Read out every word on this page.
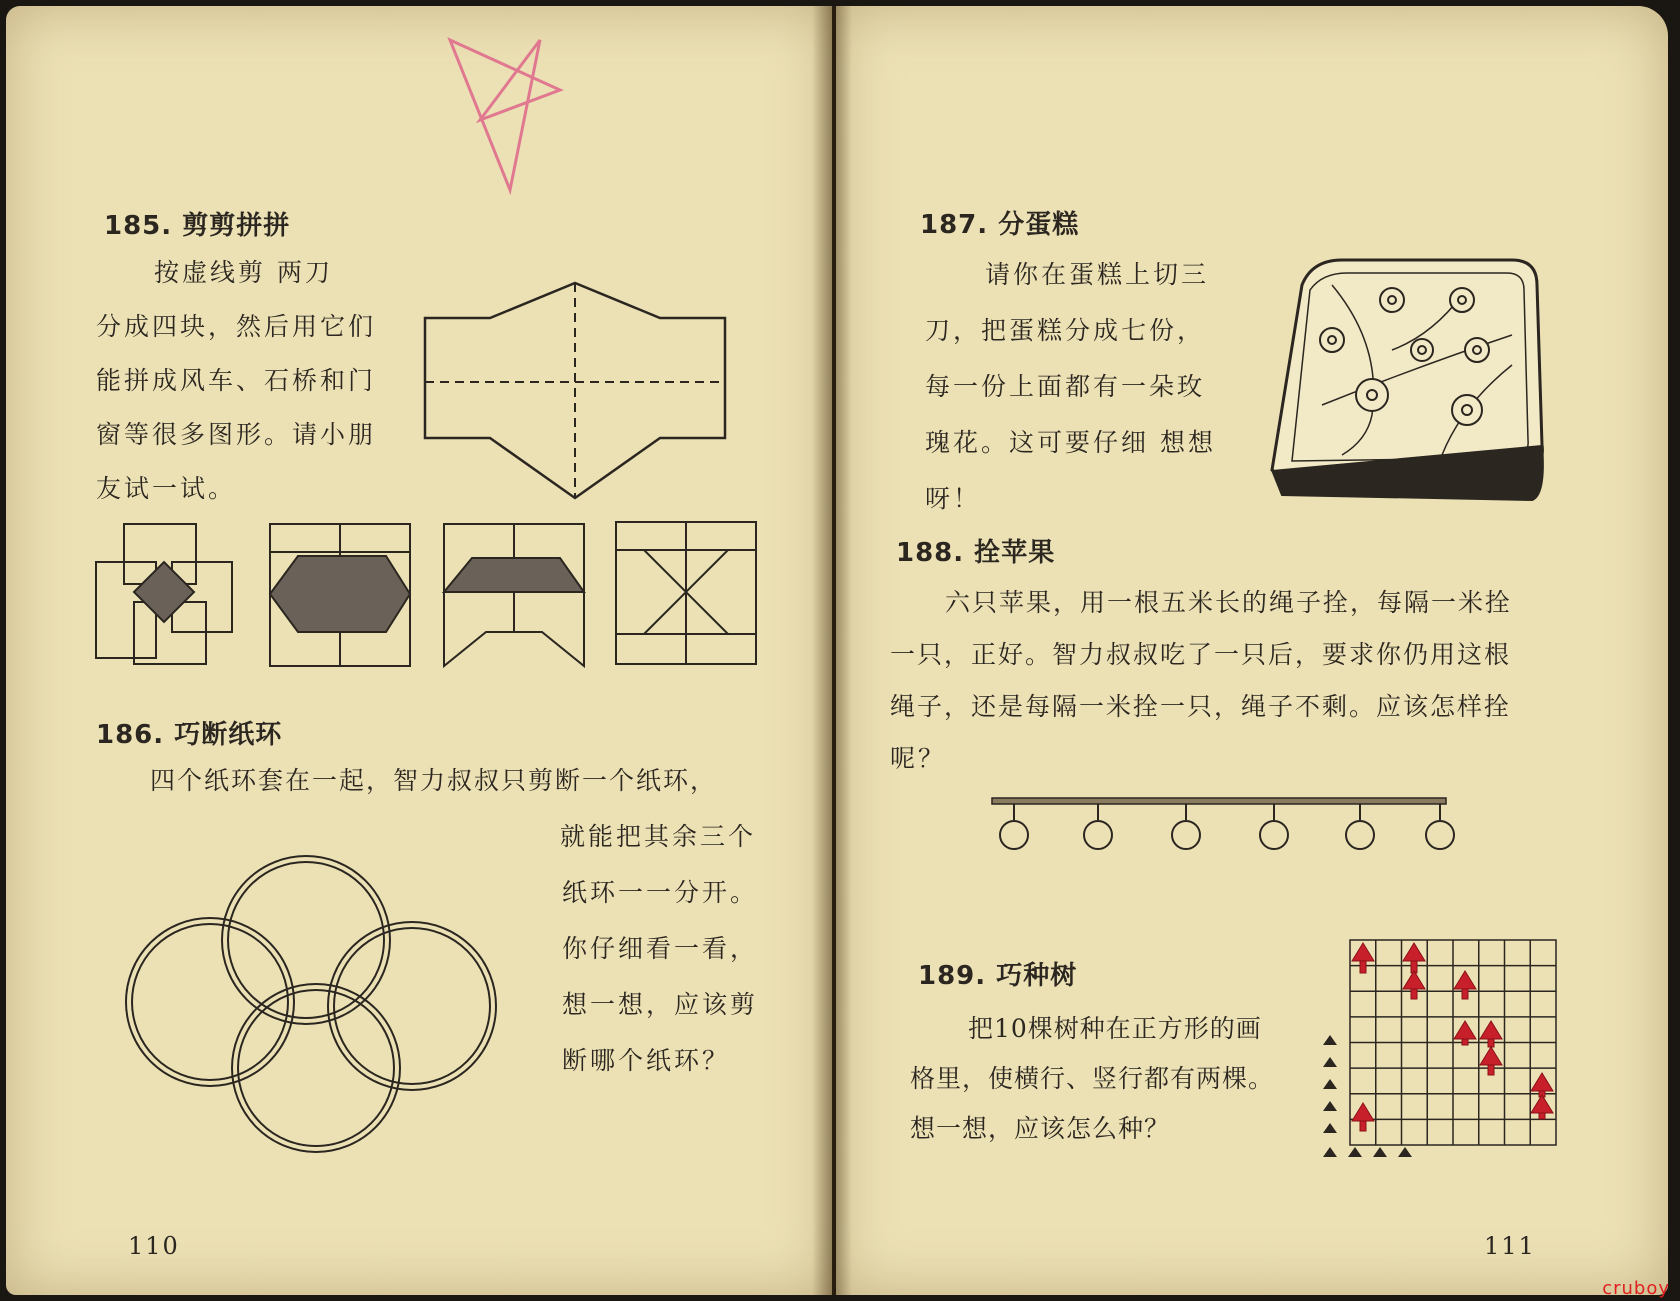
185. 剪剪拼拼
按虚线剪 两刀
分成四块，然后用它们
能拼成风车、石桥和门
窗等很多图形。请小朋
友试一试。
186. 巧断纸环
四个纸环套在一起，智力叔叔只剪断一个纸环，
就能把其余三个
纸环一一分开。
你仔细看一看，
想一想，应该剪
断哪个纸环？
110
187. 分蛋糕
请你在蛋糕上切三
刀，把蛋糕分成七份，
每一份上面都有一朵玫
瑰花。这可要仔细 想想
呀！
188. 拴苹果
六只苹果，用一根五米长的绳子拴，每隔一米拴
一只，正好。智力叔叔吃了一只后，要求你仍用这根
绳子，还是每隔一米拴一只，绳子不剩。应该怎样拴
呢？
189. 巧种树
把10棵树种在正方形的画
格里，使横行、竖行都有两棵。
想一想，应该怎么种？
111
cruboy
